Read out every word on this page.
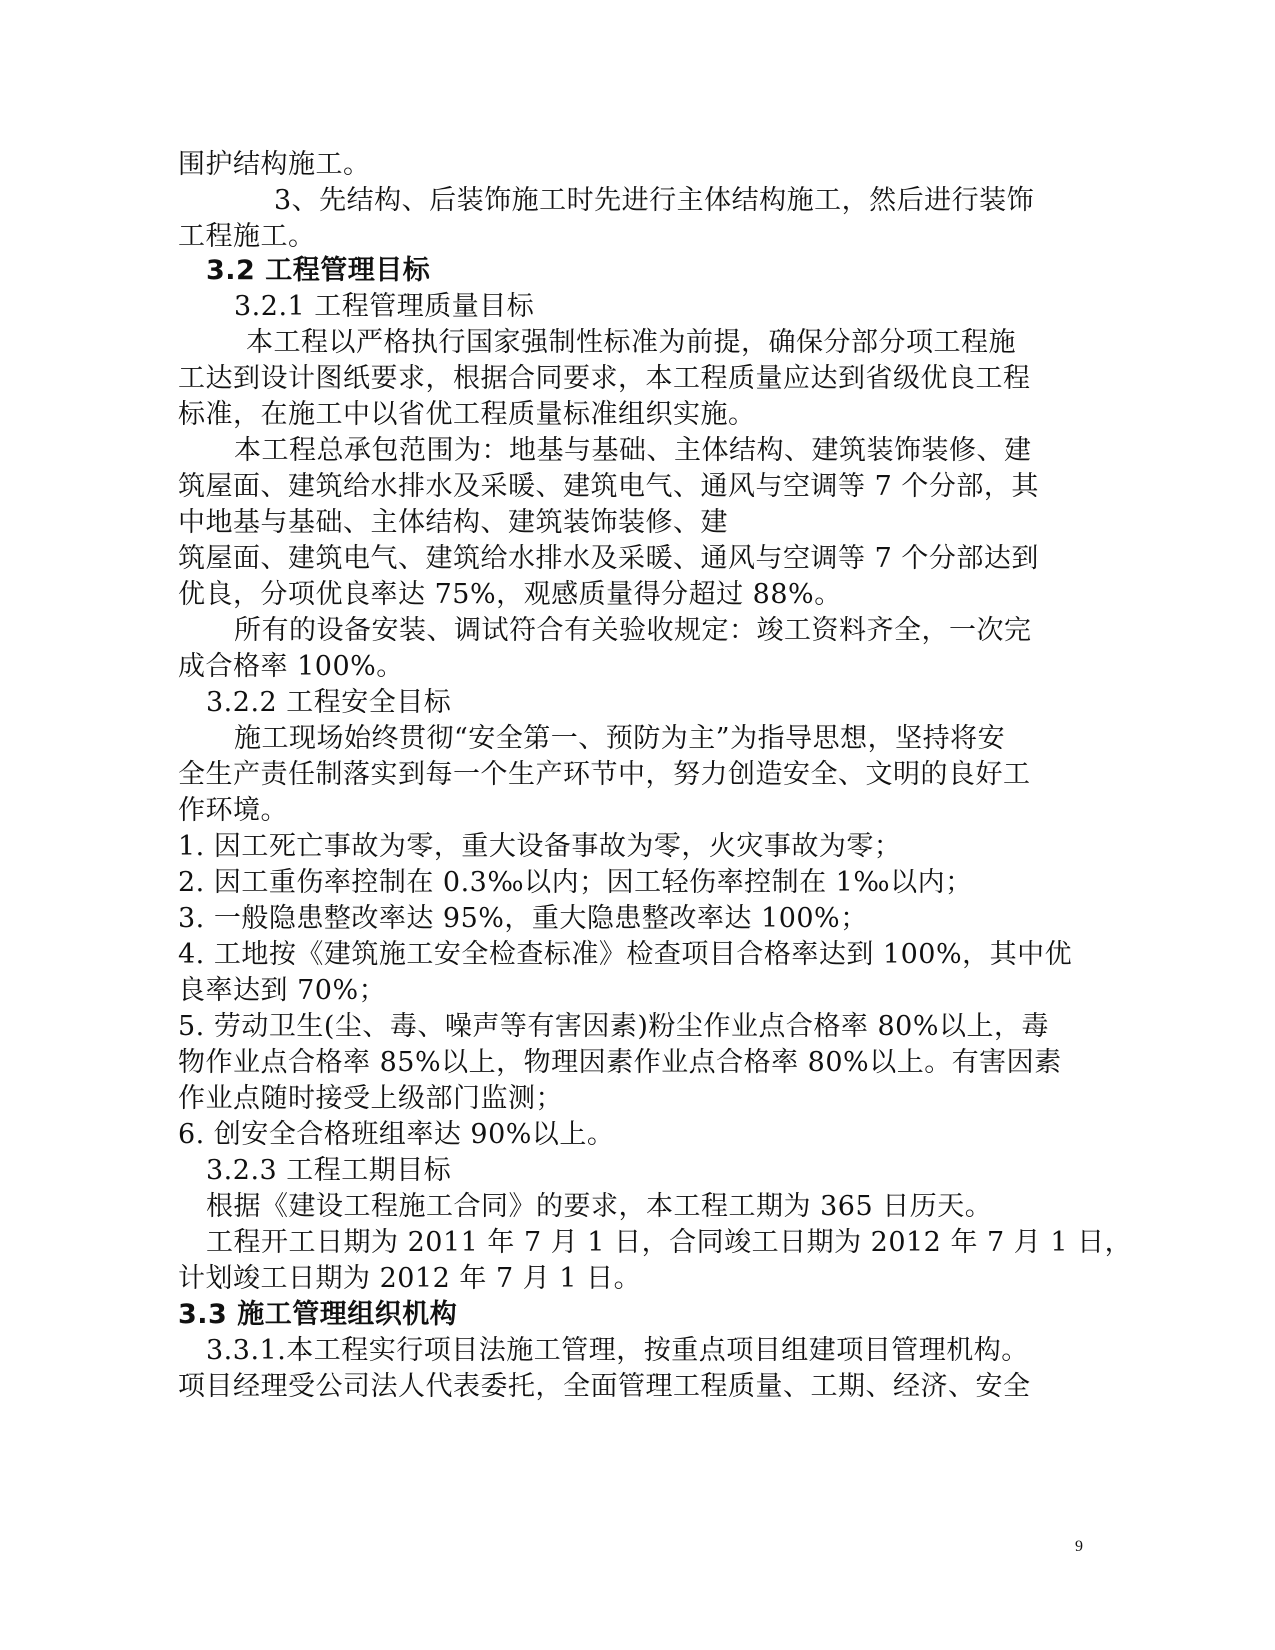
围护结构施工。
3、先结构、后装饰施工时先进行主体结构施工，然后进行装饰
工程施工。
3.2 工程管理目标
3.2.1 工程管理质量目标
本工程以严格执行国家强制性标准为前提，确保分部分项工程施
工达到设计图纸要求，根据合同要求，本工程质量应达到省级优良工程
标准，在施工中以省优工程质量标准组织实施。
本工程总承包范围为：地基与基础、主体结构、建筑装饰装修、建
筑屋面、建筑给水排水及采暖、建筑电气、通风与空调等 7 个分部，其
中地基与基础、主体结构、建筑装饰装修、建
筑屋面、建筑电气、建筑给水排水及采暖、通风与空调等 7 个分部达到
优良，分项优良率达 75%，观感质量得分超过 88%。
所有的设备安装、调试符合有关验收规定：竣工资料齐全，一次完
成合格率 100%。
3.2.2 工程安全目标
施工现场始终贯彻“安全第一、预防为主”为指导思想，坚持将安
全生产责任制落实到每一个生产环节中，努力创造安全、文明的良好工
作环境。
1. 因工死亡事故为零，重大设备事故为零，火灾事故为零；
2. 因工重伤率控制在 0.3‰以内；因工轻伤率控制在 1‰以内；
3. 一般隐患整改率达 95%，重大隐患整改率达 100%；
4. 工地按《建筑施工安全检查标准》检查项目合格率达到 100%，其中优
良率达到 70%；
5. 劳动卫生(尘、毒、噪声等有害因素)粉尘作业点合格率 80%以上，毒
物作业点合格率 85%以上，物理因素作业点合格率 80%以上。有害因素
作业点随时接受上级部门监测；
6. 创安全合格班组率达 90%以上。
3.2.3 工程工期目标
根据《建设工程施工合同》的要求，本工程工期为 365 日历天。
工程开工日期为 2011 年 7 月 1 日，合同竣工日期为 2012 年 7 月 1 日，
计划竣工日期为 2012 年 7 月 1 日。
3.3 施工管理组织机构
3.3.1.本工程实行项目法施工管理，按重点项目组建项目管理机构。
项目经理受公司法人代表委托，全面管理工程质量、工期、经济、安全
9
